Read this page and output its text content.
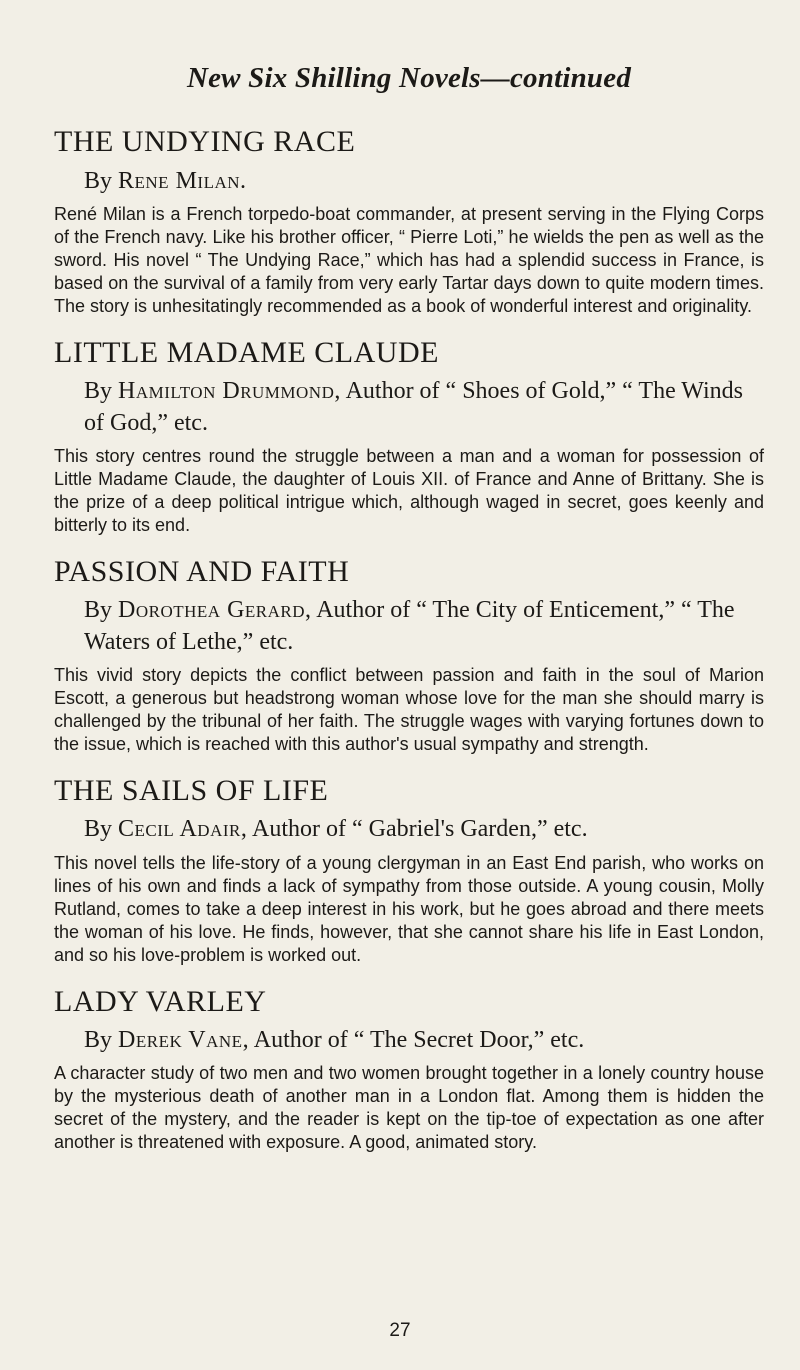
New Six Shilling Novels—continued
THE UNDYING RACE
By Rene Milan.

René Milan is a French torpedo-boat commander, at present serving in the Flying Corps of the French navy. Like his brother officer, “ Pierre Loti,” he wields the pen as well as the sword. His novel “ The Undying Race,” which has had a splendid success in France, is based on the survival of a family from very early Tartar days down to quite modern times. The story is unhesitatingly recommended as a book of wonderful interest and originality.

LITTLE MADAME CLAUDE
By Hamilton Drummond, Author of “ Shoes of Gold,” “ The Winds of God,” etc.

This story centres round the struggle between a man and a woman for possession of Little Madame Claude, the daughter of Louis XII. of France and Anne of Brittany. She is the prize of a deep political intrigue which, although waged in secret, goes keenly and bitterly to its end.

PASSION AND FAITH
By Dorothea Gerard, Author of “ The City of Enticement,” “ The Waters of Lethe,” etc.

This vivid story depicts the conflict between passion and faith in the soul of Marion Escott, a generous but headstrong woman whose love for the man she should marry is challenged by the tribunal of her faith. The struggle wages with varying fortunes down to the issue, which is reached with this author's usual sympathy and strength.

THE SAILS OF LIFE
By Cecil Adair, Author of “ Gabriel's Garden,” etc.

This novel tells the life-story of a young clergyman in an East End parish, who works on lines of his own and finds a lack of sympathy from those outside. A young cousin, Molly Rutland, comes to take a deep interest in his work, but he goes abroad and there meets the woman of his love. He finds, however, that she cannot share his life in East London, and so his love-problem is worked out.

LADY VARLEY
By Derek Vane, Author of “ The Secret Door,” etc.

A character study of two men and two women brought together in a lonely country house by the mysterious death of another man in a London flat. Among them is hidden the secret of the mystery, and the reader is kept on the tip-toe of expectation as one after another is threatened with exposure. A good, animated story.

27
